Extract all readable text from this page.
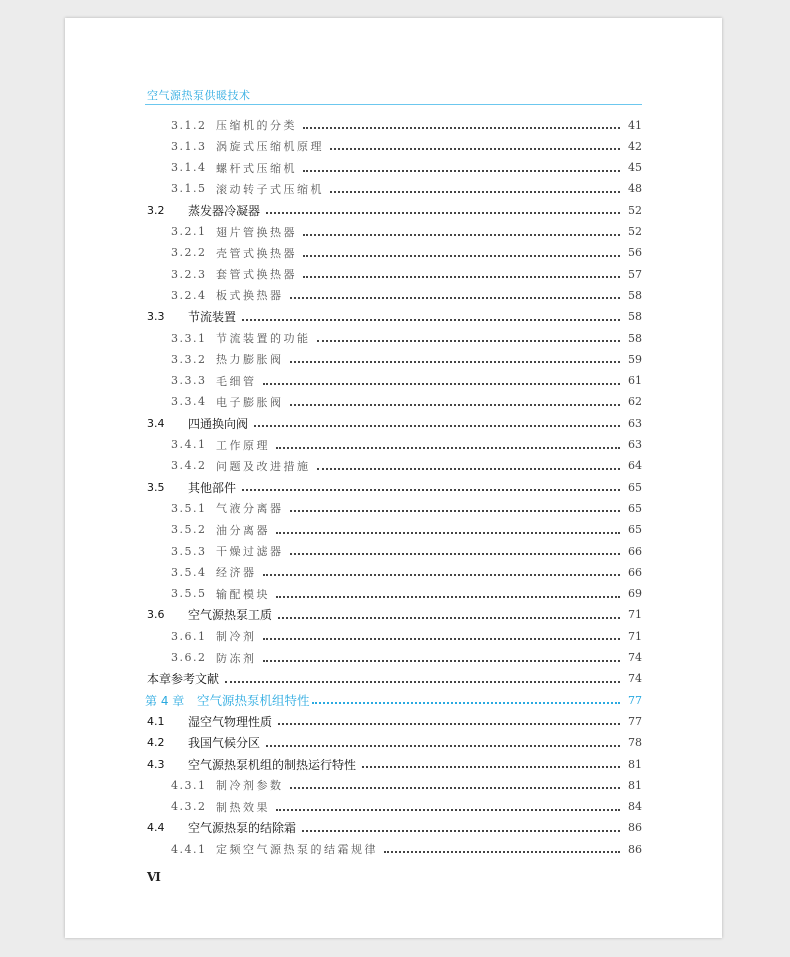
空气源热泵供暖技术
3.1.2 压缩机的分类	41
3.1.3 涡旋式压缩机原理	42
3.1.4 螺杆式压缩机	45
3.1.5 滚动转子式压缩机	48
3.2	蒸发器冷凝器	52
3.2.1 翅片管换热器	52
3.2.2 壳管式换热器	56
3.2.3 套管式换热器	57
3.2.4 板式换热器	58
3.3	节流装置	58
3.3.1 节流装置的功能	58
3.3.2 热力膨胀阀	59
3.3.3 毛细管	61
3.3.4 电子膨胀阀	62
3.4	四通换向阀	63
3.4.1 工作原理	63
3.4.2 问题及改进措施	64
3.5	其他部件	65
3.5.1 气液分离器	65
3.5.2 油分离器	65
3.5.3 干燥过滤器	66
3.5.4 经济器	66
3.5.5 输配模块	69
3.6	空气源热泵工质	71
3.6.1 制冷剂	71
3.6.2 防冻剂	74
本章参考文献	74
第 4 章	空气源热泵机组特性	77
4.1	湿空气物理性质	77
4.2	我国气候分区	78
4.3	空气源热泵机组的制热运行特性	81
4.3.1 制冷剂参数	81
4.3.2 制热效果	84
4.4	空气源热泵的结除霜	86
4.4.1 定频空气源热泵的结霜规律	86
Ⅵ
